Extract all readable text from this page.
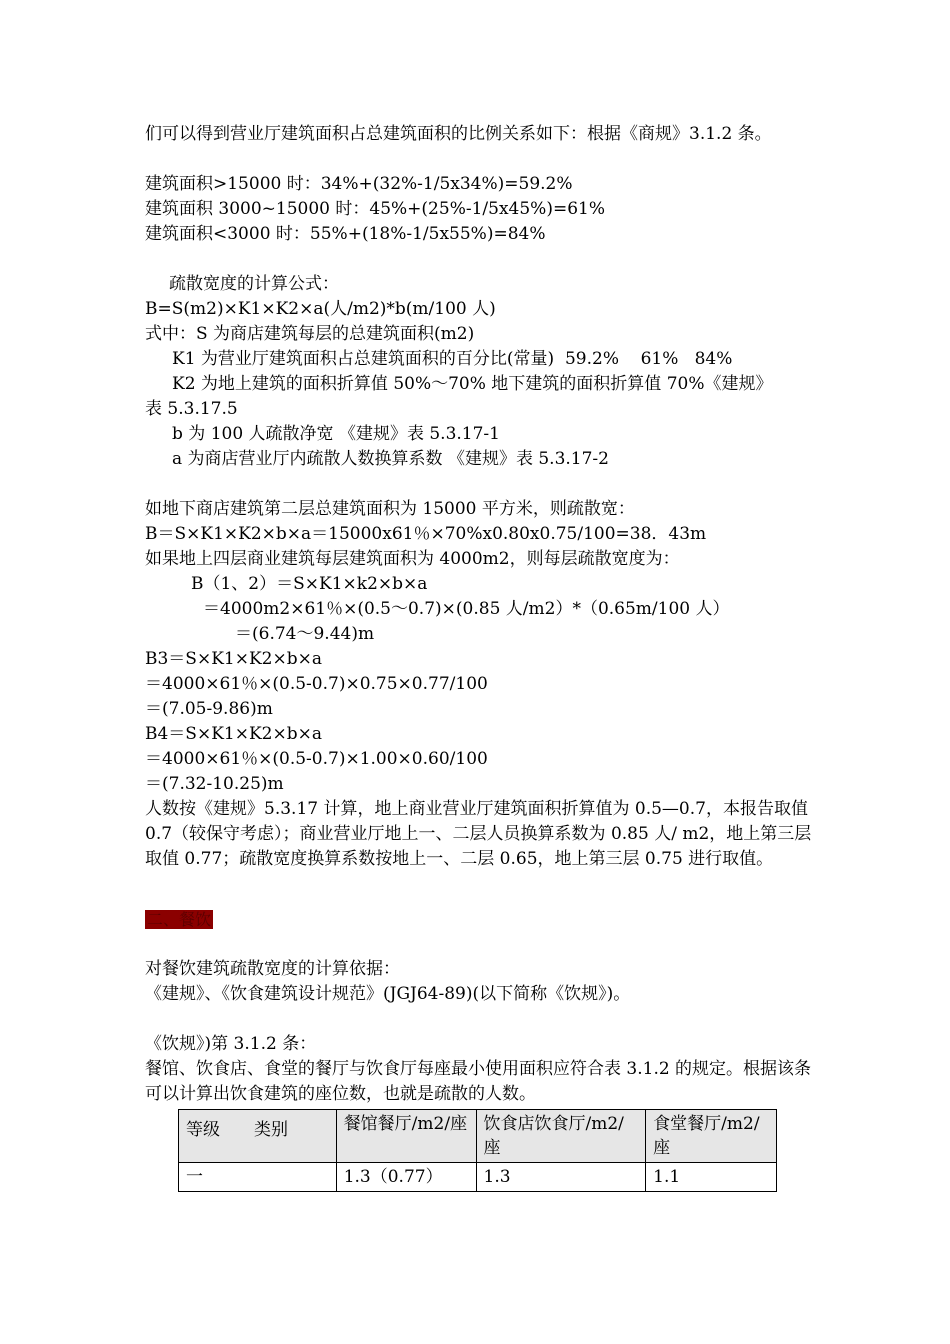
们可以得到营业厅建筑面积占总建筑面积的比例关系如下：根据《商规》3.1.2 条。

建筑面积>15000 时：34%+(32%-1/5x34%)=59.2%

建筑面积 3000~15000 时：45%+(25%-1/5x45%)=61%

建筑面积<3000 时：55%+(18%-1/5x55%)=84%

疏散宽度的计算公式：

B=S(m2)×K1×K2×a(人/m2)*b(m/100 人)

式中：S 为商店建筑每层的总建筑面积(m2)

K1 为营业厅建筑面积占总建筑面积的百分比(常量)  59.2%    61%   84%

K2 为地上建筑的面积折算值 50%～70% 地下建筑的面积折算值 70%《建规》

表 5.3.17.5

b 为 100 人疏散净宽 《建规》表 5.3.17-1

a 为商店营业厅内疏散人数换算系数 《建规》表 5.3.17-2

如地下商店建筑第二层总建筑面积为 15000 平方米，则疏散宽：

B＝S×K1×K2×b×a＝15000x61％×70%x0.80x0.75/100=38．43m

如果地上四层商业建筑每层建筑面积为 4000m2，则每层疏散宽度为：

B（1、2）＝S×K1×k2×b×a

＝4000m2×61％×(0.5～0.7)×(0.85 人/m2）*（0.65m/100 人）

＝(6.74～9.44)m

B3＝S×K1×K2×b×a

＝4000×61％×(0.5-0.7)×0.75×0.77/100

＝(7.05-9.86)m

B4＝S×K1×K2×b×a

＝4000×61％×(0.5-0.7)×1.00×0.60/100

＝(7.32-10.25)m

人数按《建规》5.3.17 计算，地上商业营业厅建筑面积折算值为 0.5—0.7，本报告取值 0.7（较保守考虑）；商业营业厅地上一、二层人员换算系数为 0.85 人/ m2，地上第三层取值 0.77；疏散宽度换算系数按地上一、二层 0.65，地上第三层 0.75 进行取值。

二、餐饮

对餐饮建筑疏散宽度的计算依据：

《建规》、《饮食建筑设计规范》(JGJ64-89)(以下简称《饮规》)。

《饮规》)第 3.1.2 条：

餐馆、饮食店、食堂的餐厅与饮食厅每座最小使用面积应符合表 3.1.2 的规定。根据该条可以计算出饮食建筑的座位数，也就是疏散的人数。

等级　　类别	餐馆餐厅/m2/座	饮食店饮食厅/m2/座	食堂餐厅/m2/座
一	1.3（0.77）	1.3	1.1
